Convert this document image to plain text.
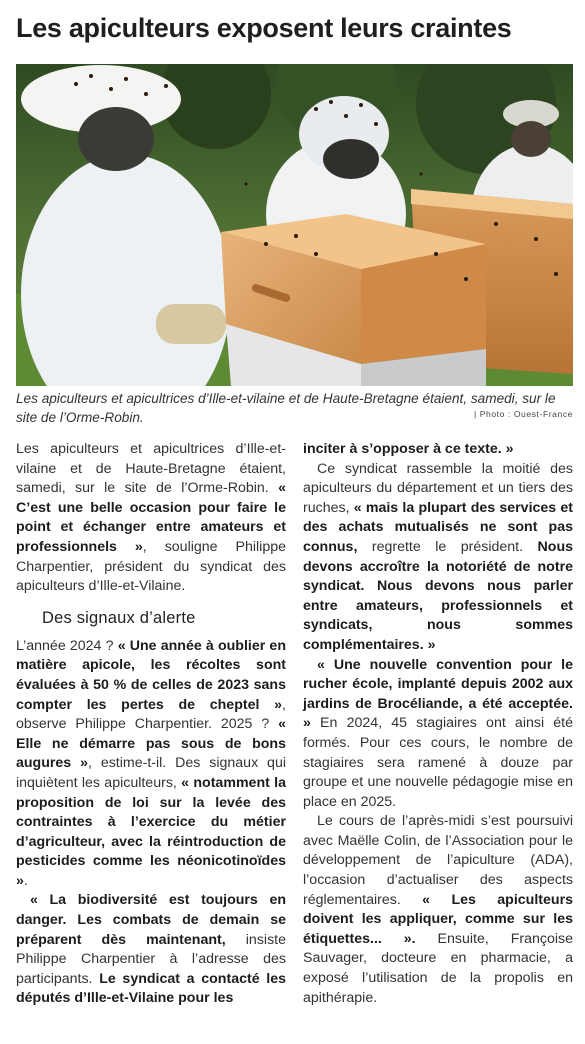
Les apiculteurs exposent leurs craintes
Les apiculteurs et apicultrices d’Ille-et-vilaine et de Haute-Bretagne étaient, samedi, sur le site de l’Orme-Robin.	| Photo : Ouest-France

Les apiculteurs et apicultrices d’Ille-et-vilaine et de Haute-Bretagne étaient, samedi, sur le site de l’Orme-Robin. « C’est une belle occasion pour faire le point et échanger entre amateurs et professionnels », souligne Philippe Charpentier, président du syndicat des apiculteurs d’Ille-et-Vilaine.

Des signaux d’alerte

L’année 2024 ? « Une année à oublier en matière apicole, les récoltes sont évaluées à 50 % de celles de 2023 sans compter les pertes de cheptel », observe Philippe Charpentier. 2025 ? « Elle ne démarre pas sous de bons augures », estime-t-il. Des signaux qui inquiètent les apiculteurs, « notamment la proposition de loi sur la levée des contraintes à l’exercice du métier d’agriculteur, avec la réintroduction de pesticides comme les néonicotinoïdes ».

« La biodiversité est toujours en danger. Les combats de demain se préparent dès maintenant, insiste Philippe Charpentier à l’adresse des participants. Le syndicat a contacté les députés d’Ille-et-Vilaine pour les

inciter à s’opposer à ce texte. »

Ce syndicat rassemble la moitié des apiculteurs du département et un tiers des ruches, « mais la plupart des services et des achats mutualisés ne sont pas connus, regrette le président. Nous devons accroître la notoriété de notre syndicat. Nous devons nous parler entre amateurs, professionnels et syndicats, nous sommes complémentaires. »

« Une nouvelle convention pour le rucher école, implanté depuis 2002 aux jardins de Brocéliande, a été acceptée. » En 2024, 45 stagiaires ont ainsi été formés. Pour ces cours, le nombre de stagiaires sera ramené à douze par groupe et une nouvelle pédagogie mise en place en 2025.

Le cours de l’après-midi s’est poursuivi avec Maëlle Colin, de l’Association pour le développement de l’apiculture (ADA), l’occasion d’actualiser des aspects réglementaires. « Les apiculteurs doivent les appliquer, comme sur les étiquettes... ». Ensuite, Françoise Sauvager, docteure en pharmacie, a exposé l’utilisation de la propolis en apithérapie.
